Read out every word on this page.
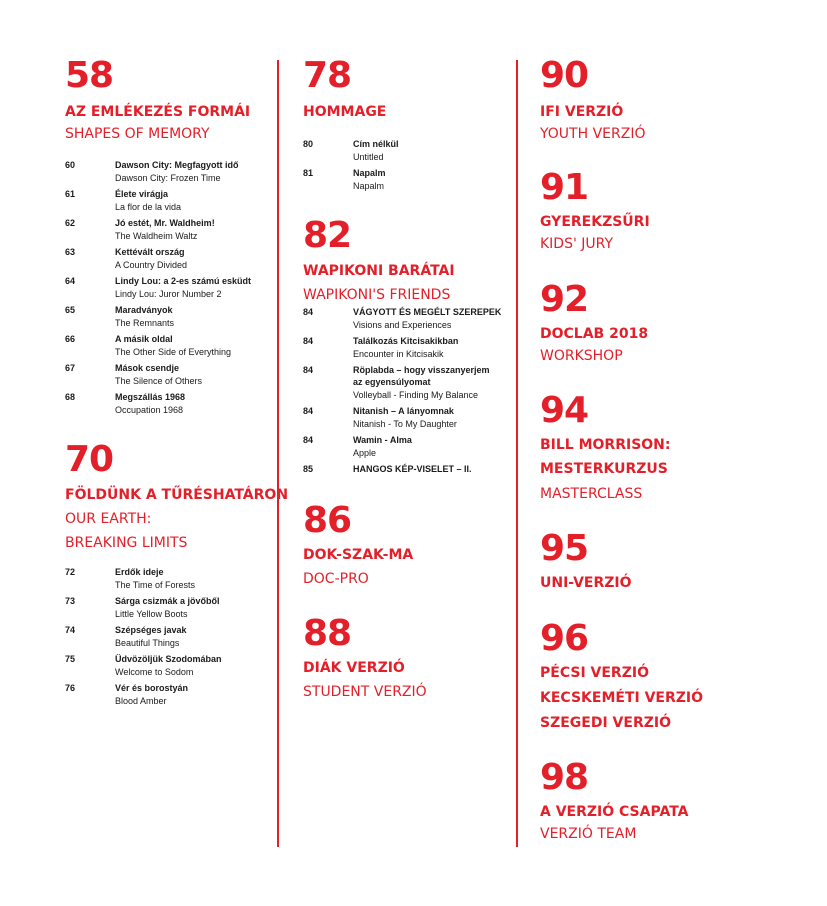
58
AZ EMLÉKEZÉS FORMÁI
SHAPES OF MEMORY
60	Dawson City: Megfagyott idő
Dawson City: Frozen Time
61	Élete virágja
La flor de la vida
62	Jó estét, Mr. Waldheim!
The Waldheim Waltz
63	Kettévált ország
A Country Divided
64	Lindy Lou: a 2-es számú esküdt
Lindy Lou: Juror Number 2
65	Maradványok
The Remnants
66	A másik oldal
The Other Side of Everything
67	Mások csendje
The Silence of Others
68	Megszállás 1968
Occupation 1968
70
FÖLDÜNK A TŰRÉSHATÁRON
OUR EARTH:
BREAKING LIMITS
72	Erdők ideje
The Time of Forests
73	Sárga csizmák a jövőből
Little Yellow Boots
74	Szépséges javak
Beautiful Things
75	Üdvözöljük Szodomában
Welcome to Sodom
76	Vér és borostyán
Blood Amber
78
HOMMAGE
80	Cím nélkül
Untitled
81	Napalm
Napalm
82
WAPIKONI BARÁTAI
WAPIKONI'S FRIENDS
84	VÁGYOTT ÉS MEGÉLT SZEREPEK
Visions and Experiences
84	Találkozás Kitcisakikban
Encounter in Kitcisakik
84	Röplabda – hogy visszanyerjem
az egyensúlyomat
Volleyball - Finding My Balance
84	Nitanish – A lányomnak
Nitanish - To My Daughter
84	Wamin - Alma
Apple
85	HANGOS KÉP-VISELET – II.
86
DOK-SZAK-MA
DOC-PRO
88
DIÁK VERZIÓ
STUDENT VERZIÓ
90
IFI VERZIÓ
YOUTH VERZIÓ
91
GYEREKZSŰRI
KIDS' JURY
92
DOCLAB 2018
WORKSHOP
94
BILL MORRISON:
MESTERKURZUS
MASTERCLASS
95
UNI-VERZIÓ
96
PÉCSI VERZIÓ
KECSKEMÉTI VERZIÓ
SZEGEDI VERZIÓ
98
A VERZIÓ CSAPATA
VERZIÓ TEAM
